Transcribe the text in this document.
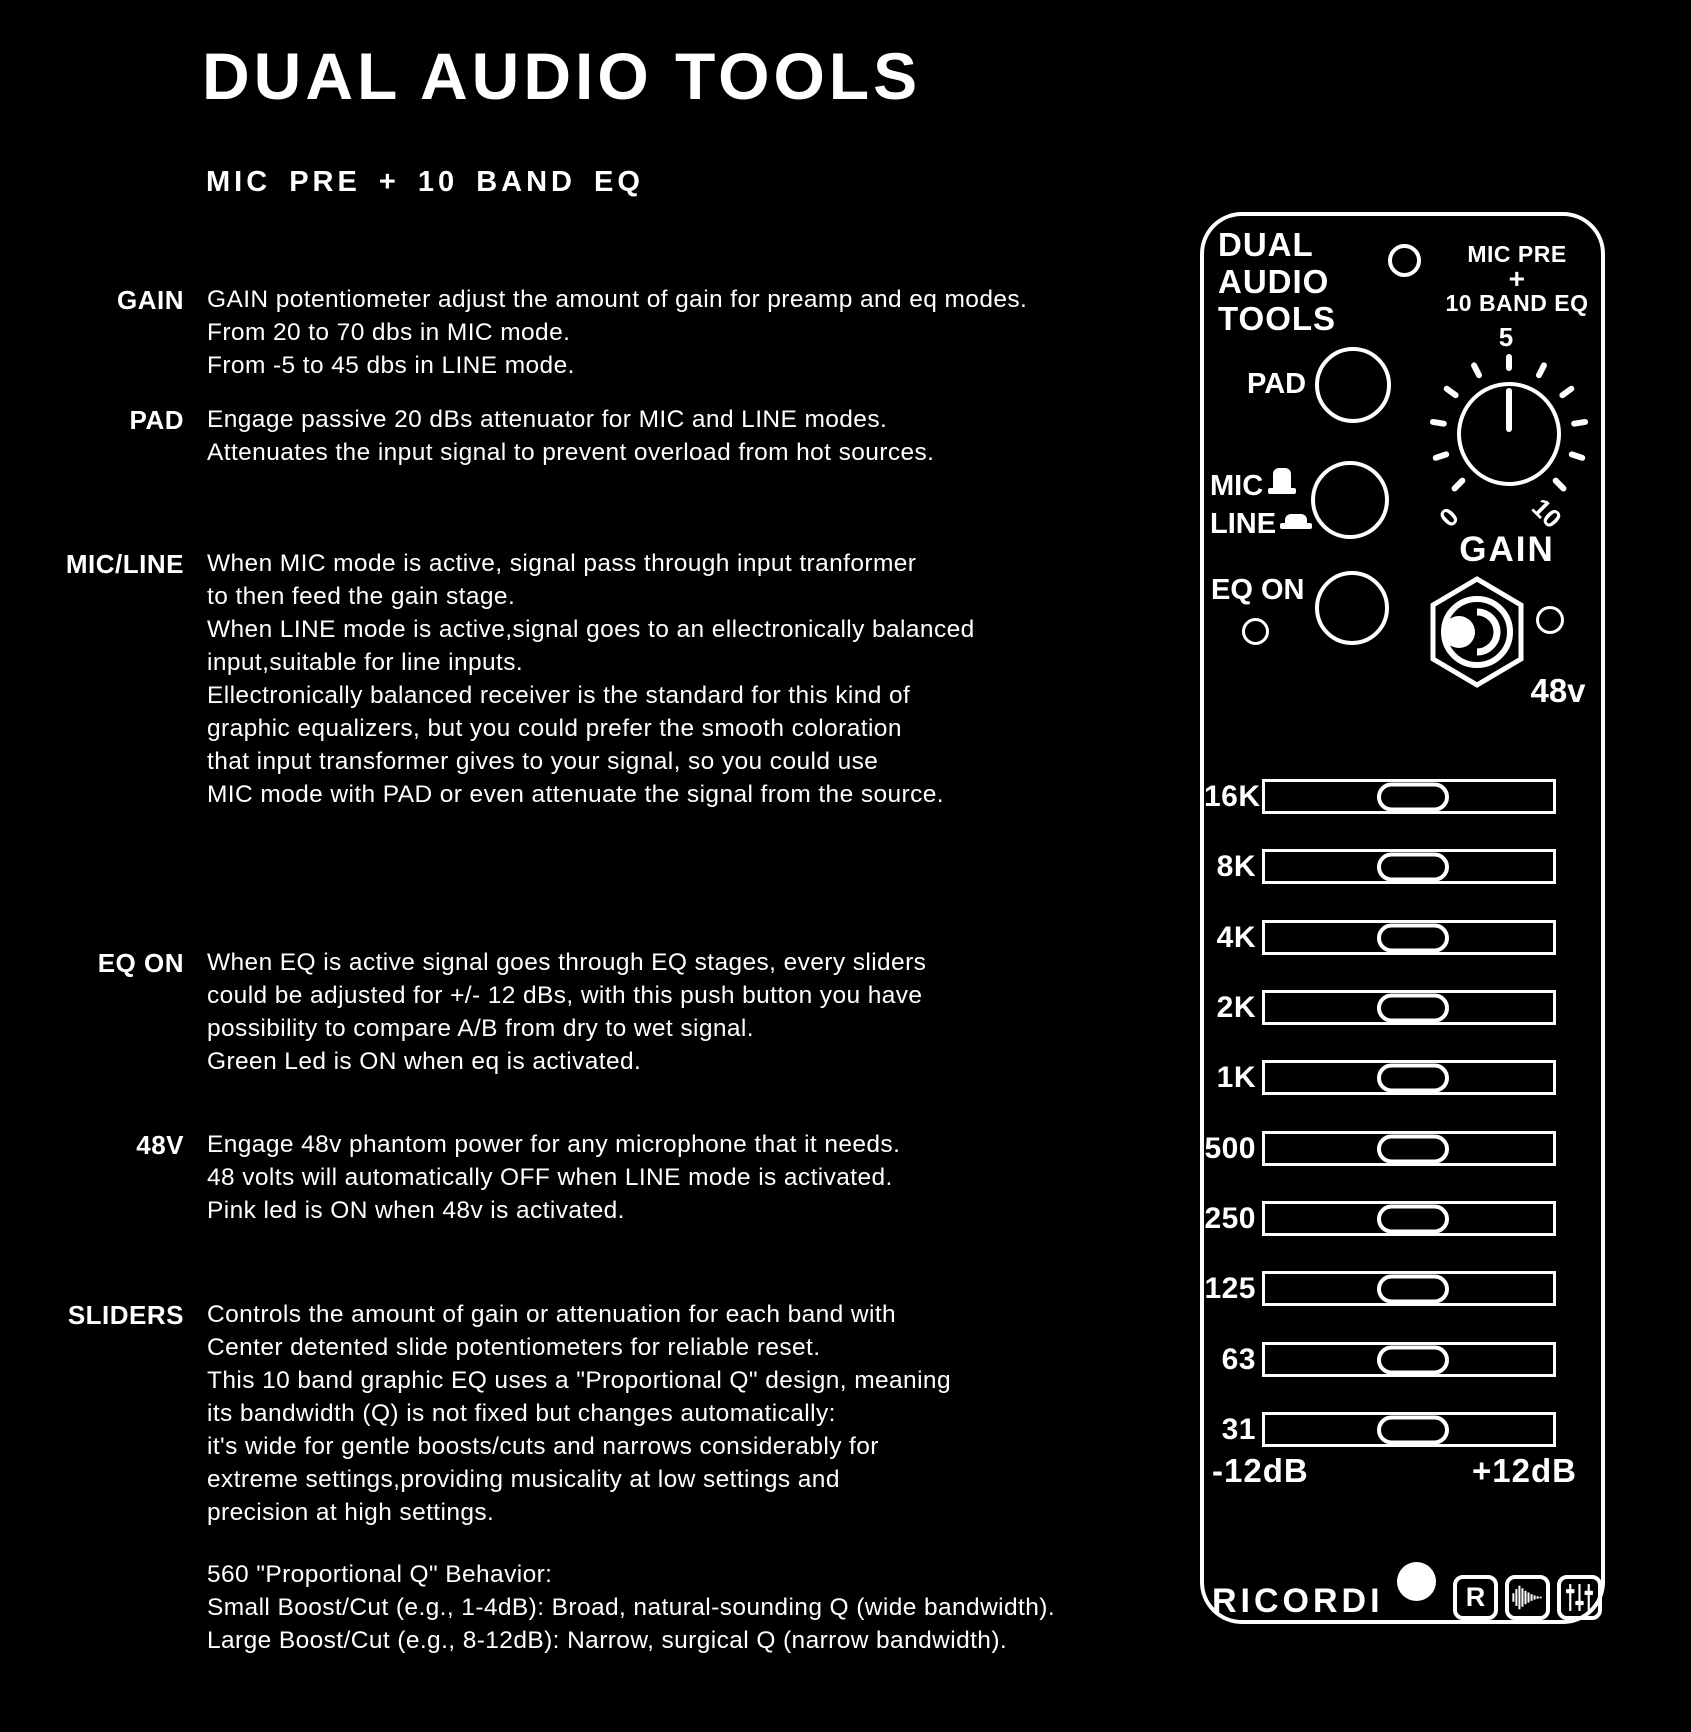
DUAL AUDIO TOOLS
MIC PRE + 10 BAND EQ
GAIN GAIN potentiometer adjust the amount of gain for preamp and eq modes.
From 20 to 70 dbs in MIC mode.
From -5 to 45 dbs in LINE mode.
PAD Engage passive 20 dBs attenuator for MIC and LINE modes.
Attenuates the input signal to prevent overload from hot sources.
MIC/LINE When MIC mode is active, signal pass through input tranformer
to then feed the gain stage.
When LINE mode is active,signal goes to an ellectronically balanced
input,suitable for line inputs.
Ellectronically balanced receiver is the standard for this kind of
graphic equalizers, but you could prefer the smooth coloration
that input transformer gives to your signal, so you could use
MIC mode with PAD or even attenuate the signal from the source.
EQ ON When EQ is active signal goes through EQ stages, every sliders
could be adjusted for +/- 12 dBs, with this push button you have
possibility to compare A/B from dry to wet signal.
Green Led is ON when eq is activated.
48V Engage 48v phantom power for any microphone that it needs.
48 volts will automatically OFF when LINE mode is activated.
Pink led is ON when 48v is activated.
SLIDERS Controls the amount of gain or attenuation for each band with
Center detented slide potentiometers for reliable reset.
This 10 band graphic EQ uses a "Proportional Q" design, meaning
its bandwidth (Q) is not fixed but changes automatically:
it's wide for gentle boosts/cuts and narrows considerably for
extreme settings,providing musicality at low settings and
precision at high settings.
560 "Proportional Q" Behavior:
Small Boost/Cut (e.g., 1-4dB): Broad, natural-sounding Q (wide bandwidth).
Large Boost/Cut (e.g., 8-12dB): Narrow, surgical Q (narrow bandwidth).
DUAL
AUDIO
TOOLS
MIC PRE
+
10 BAND EQ
5
0 10
GAIN
PAD
MIC
LINE
EQ ON
48v
16K
8K
4K
2K
1K
500
250
125
63
31
-12dB	+12dB
RICORDI	R
